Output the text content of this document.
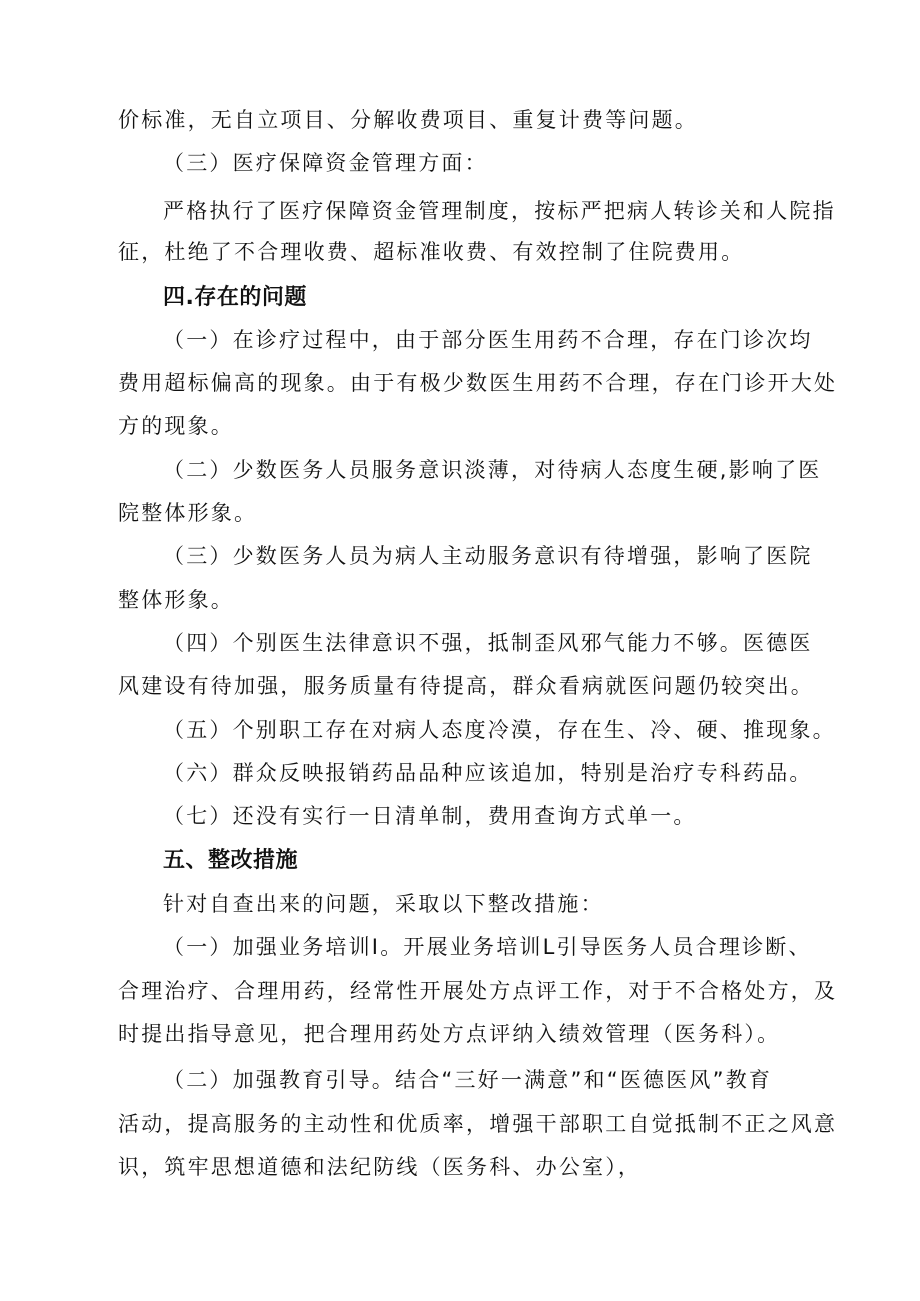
价标准，无自立项目、分解收费项目、重复计费等问题。
（三）医疗保障资金管理方面：
严格执行了医疗保障资金管理制度，按标严把病人转诊关和人院指
征，杜绝了不合理收费、超标准收费、有效控制了住院费用。
四.存在的问题
（一）在诊疗过程中，由于部分医生用药不合理，存在门诊次均
费用超标偏高的现象。由于有极少数医生用药不合理，存在门诊开大处
方的现象。
（二）少数医务人员服务意识淡薄，对待病人态度生硬,影响了医
院整体形象。
（三）少数医务人员为病人主动服务意识有待增强，影响了医院
整体形象。
（四）个别医生法律意识不强，抵制歪风邪气能力不够。医德医
风建设有待加强，服务质量有待提高，群众看病就医问题仍较突出。
（五）个别职工存在对病人态度冷漠，存在生、冷、硬、推现象。
（六）群众反映报销药品品种应该追加，特别是治疗专科药品。
（七）还没有实行一日清单制，费用查询方式单一。
五、整改措施
针对自查出来的问题，采取以下整改措施：
（一）加强业务培训I。开展业务培训L引导医务人员合理诊断、
合理治疗、合理用药，经常性开展处方点评工作，对于不合格处方，及
时提出指导意见，把合理用药处方点评纳入绩效管理（医务科）。
（二）加强教育引导。结合“三好一满意”和“医德医风”教育
活动，提高服务的主动性和优质率，增强干部职工自觉抵制不正之风意
识，筑牢思想道德和法纪防线（医务科、办公室），
